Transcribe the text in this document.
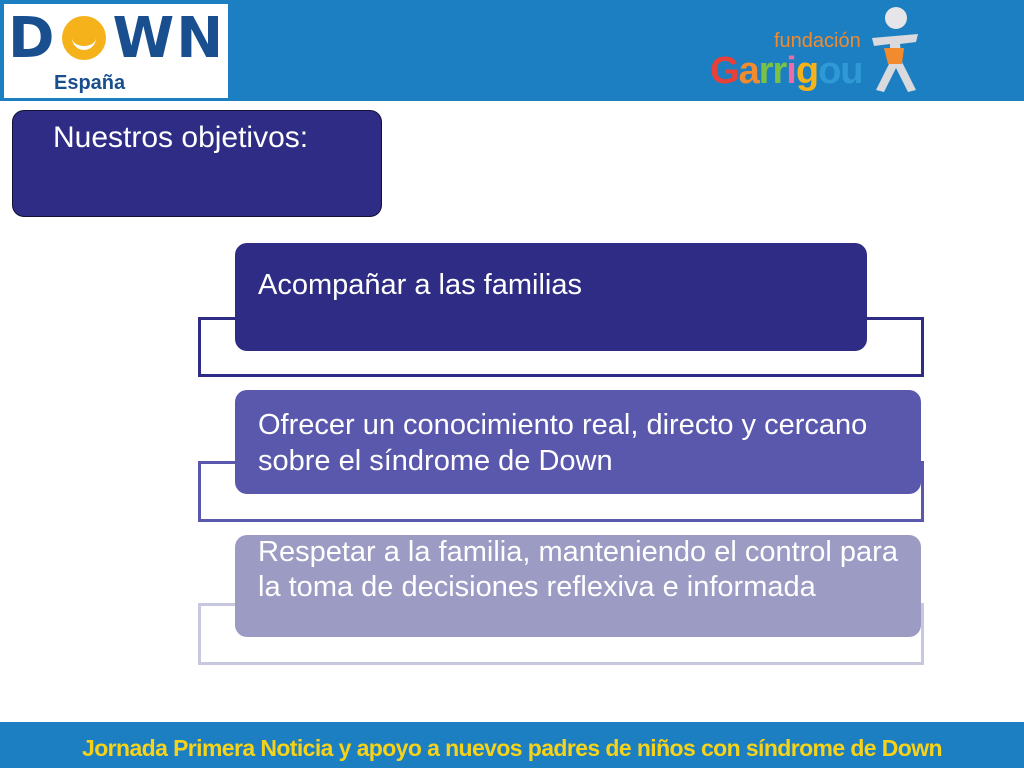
D WN
España
fundación
Garrigou
Nuestros objetivos:
Acompañar a las familias
Ofrecer un conocimiento real, directo y cercano sobre el síndrome de Down
Respetar a la familia, manteniendo el control para la toma de decisiones reflexiva e informada
Jornada Primera Noticia y apoyo a nuevos padres de niños con síndrome de Down
